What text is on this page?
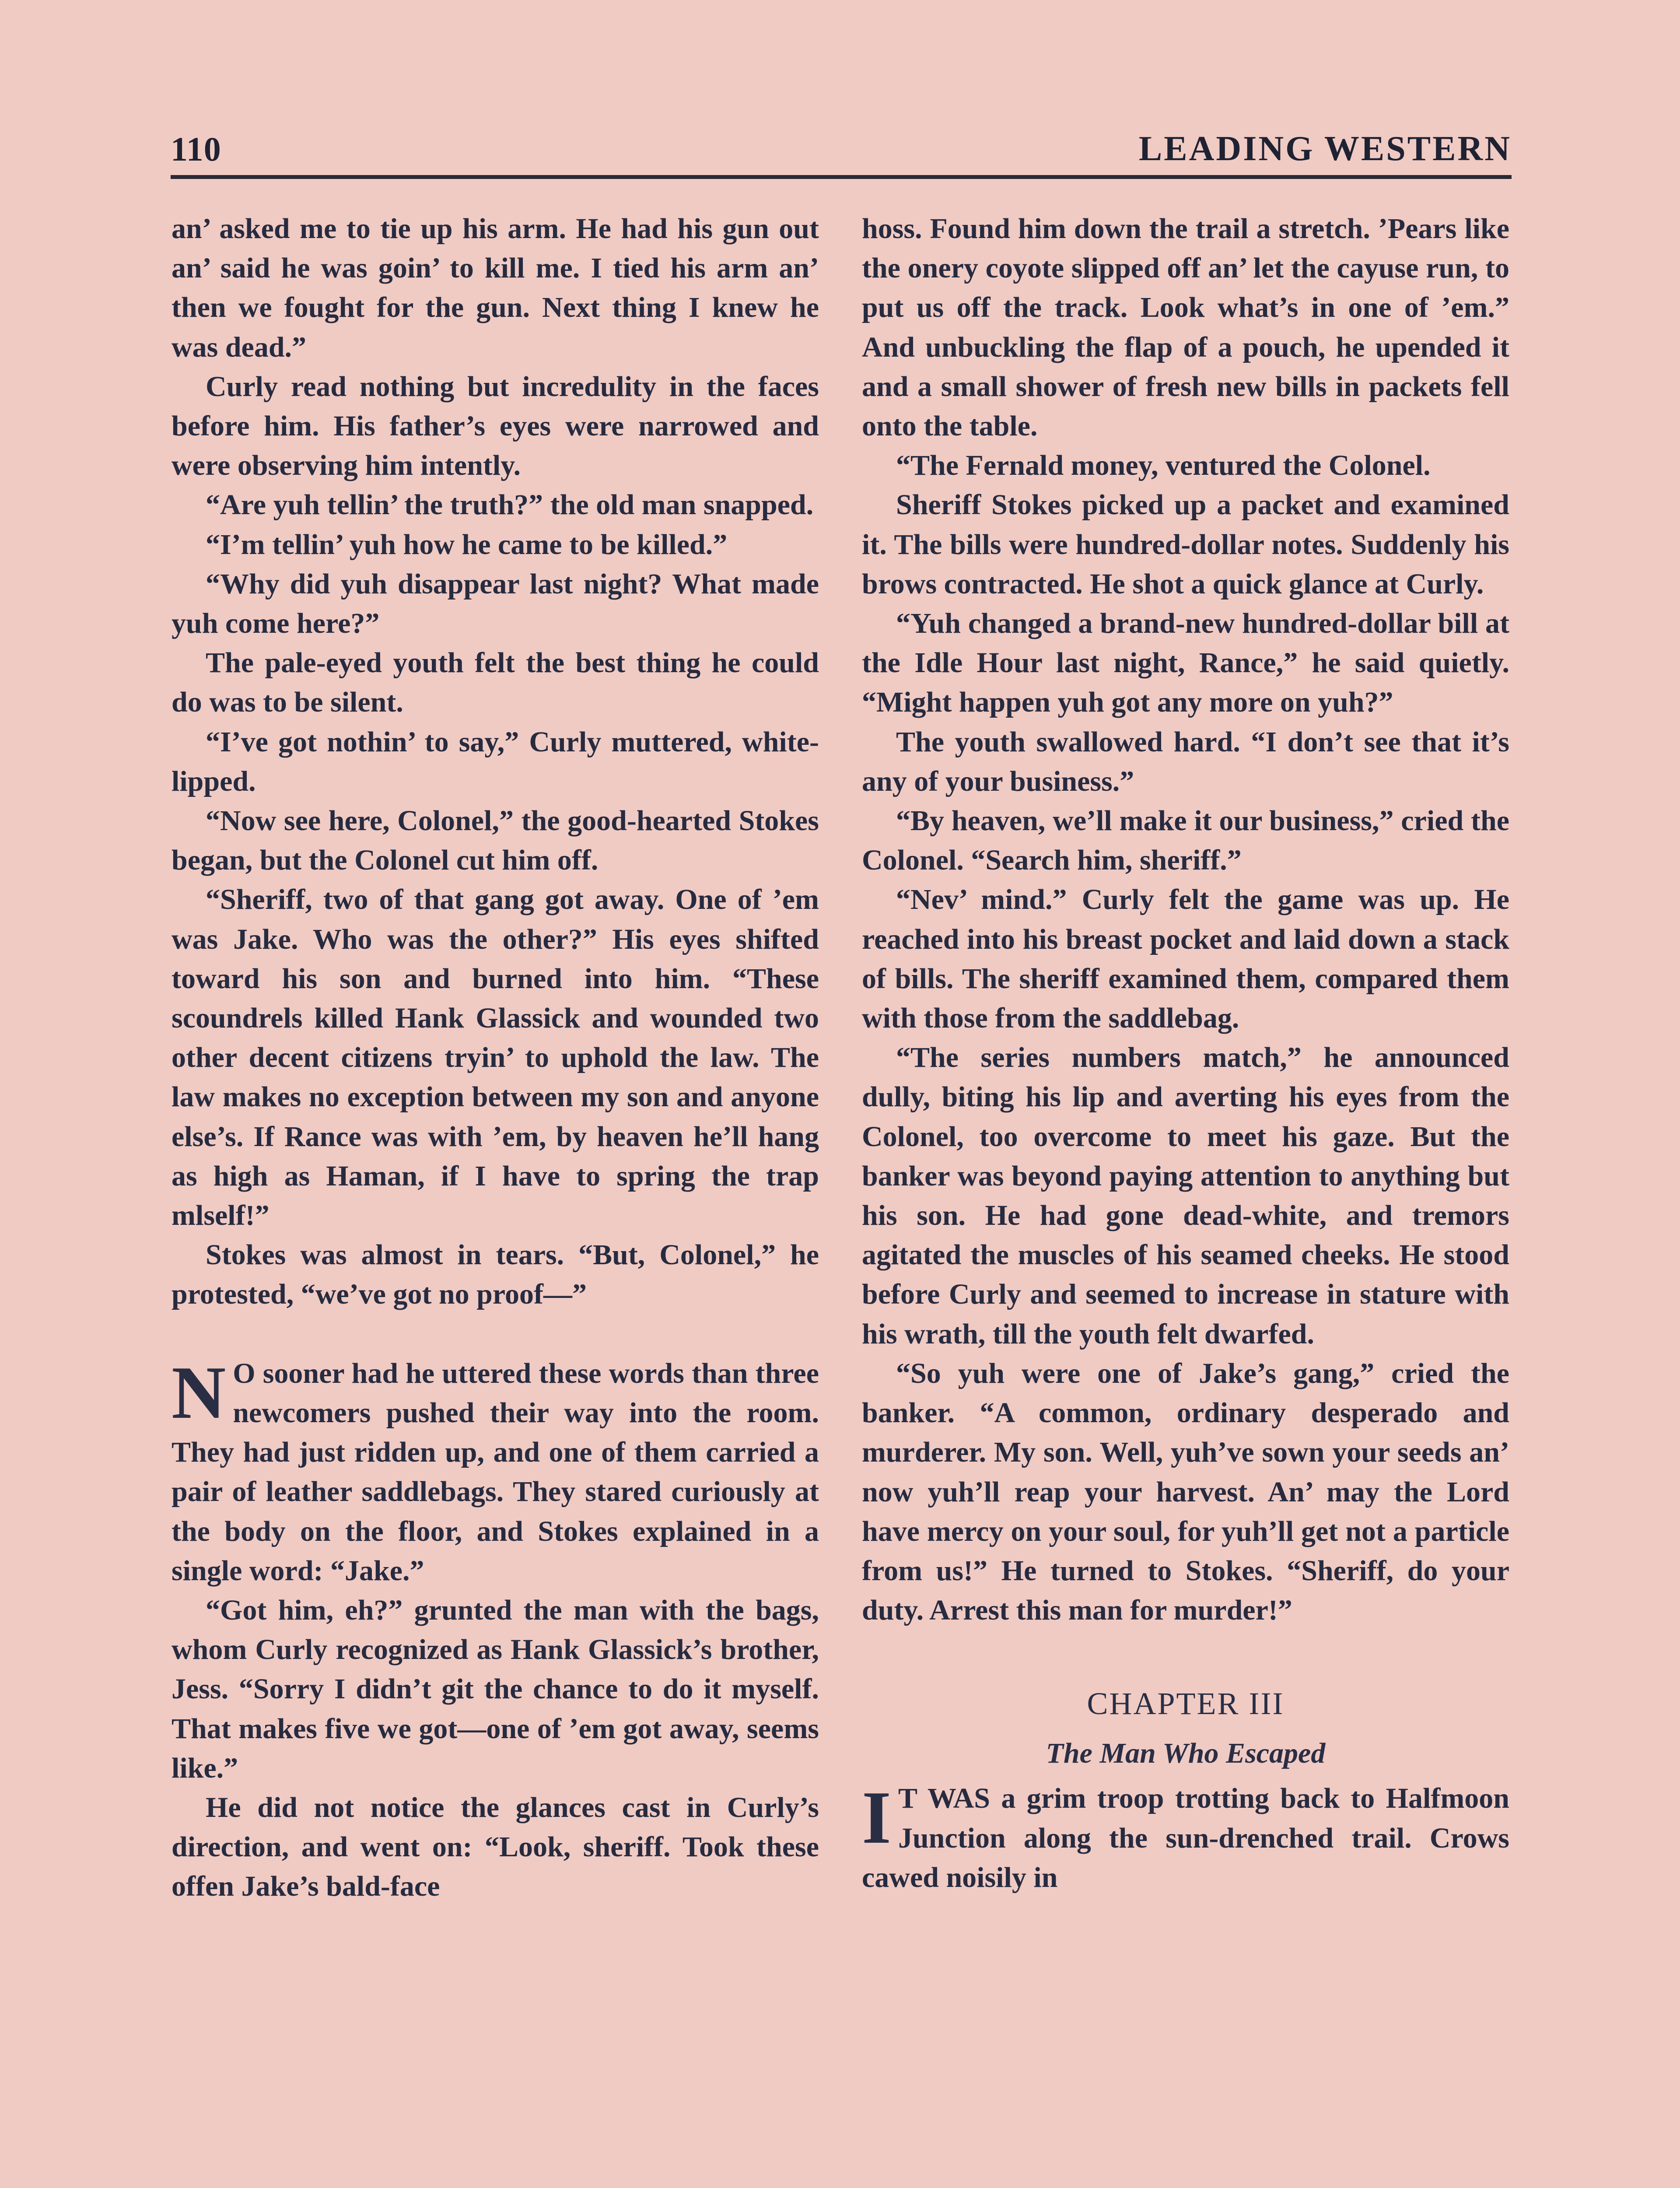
110	LEADING WESTERN

an’ asked me to tie up his arm. He had his gun out an’ said he was goin’ to kill me. I tied his arm an’ then we fought for the gun. Next thing I knew he was dead.”

Curly read nothing but incredulity in the faces before him. His father’s eyes were narrowed and were observing him intently.

“Are yuh tellin’ the truth?” the old man snapped.

“I’m tellin’ yuh how he came to be killed.”

“Why did yuh disappear last night? What made yuh come here?”

The pale-eyed youth felt the best thing he could do was to be silent.

“I’ve got nothin’ to say,” Curly muttered, white-lipped.

“Now see here, Colonel,” the good-hearted Stokes began, but the Colonel cut him off.

“Sheriff, two of that gang got away. One of ’em was Jake. Who was the other?” His eyes shifted toward his son and burned into him. “These scoundrels killed Hank Glassick and wounded two other decent citizens tryin’ to uphold the law. The law makes no exception between my son and anyone else’s. If Rance was with ’em, by heaven he’ll hang as high as Haman, if I have to spring the trap mlself!”

Stokes was almost in tears. “But, Colonel,” he protested, “we’ve got no proof—”

N O sooner had he uttered these words than three newcomers pushed their way into the room. They had just ridden up, and one of them carried a pair of leather saddlebags. They stared curiously at the body on the floor, and Stokes explained in a single word: “Jake.”

“Got him, eh?” grunted the man with the bags, whom Curly recognized as Hank Glassick’s brother, Jess. “Sorry I didn’t git the chance to do it myself. That makes five we got—one of ’em got away, seems like.”

He did not notice the glances cast in Curly’s direction, and went on: “Look, sheriff. Took these offen Jake’s bald-face

hoss. Found him down the trail a stretch. ’Pears like the onery coyote slipped off an’ let the cayuse run, to put us off the track. Look what’s in one of ’em.” And unbuckling the flap of a pouch, he upended it and a small shower of fresh new bills in packets fell onto the table.

“The Fernald money, ventured the Colonel.

Sheriff Stokes picked up a packet and examined it. The bills were hundred-dollar notes. Suddenly his brows contracted. He shot a quick glance at Curly.

“Yuh changed a brand-new hundred-dollar bill at the Idle Hour last night, Rance,” he said quietly. “Might happen yuh got any more on yuh?”

The youth swallowed hard. “I don’t see that it’s any of your business.”

“By heaven, we’ll make it our business,” cried the Colonel. “Search him, sheriff.”

“Nev’ mind.” Curly felt the game was up. He reached into his breast pocket and laid down a stack of bills. The sheriff examined them, compared them with those from the saddlebag.

“The series numbers match,” he announced dully, biting his lip and averting his eyes from the Colonel, too overcome to meet his gaze. But the banker was beyond paying attention to anything but his son. He had gone dead-white, and tremors agitated the muscles of his seamed cheeks. He stood before Curly and seemed to increase in stature with his wrath, till the youth felt dwarfed.

“So yuh were one of Jake’s gang,” cried the banker. “A common, ordinary desperado and murderer. My son. Well, yuh’ve sown your seeds an’ now yuh’ll reap your harvest. An’ may the Lord have mercy on your soul, for yuh’ll get not a particle from us!” He turned to Stokes. “Sheriff, do your duty. Arrest this man for murder!”

CHAPTER III
The Man Who Escaped

I T WAS a grim troop trotting back to Halfmoon Junction along the sun-drenched trail. Crows cawed noisily in
